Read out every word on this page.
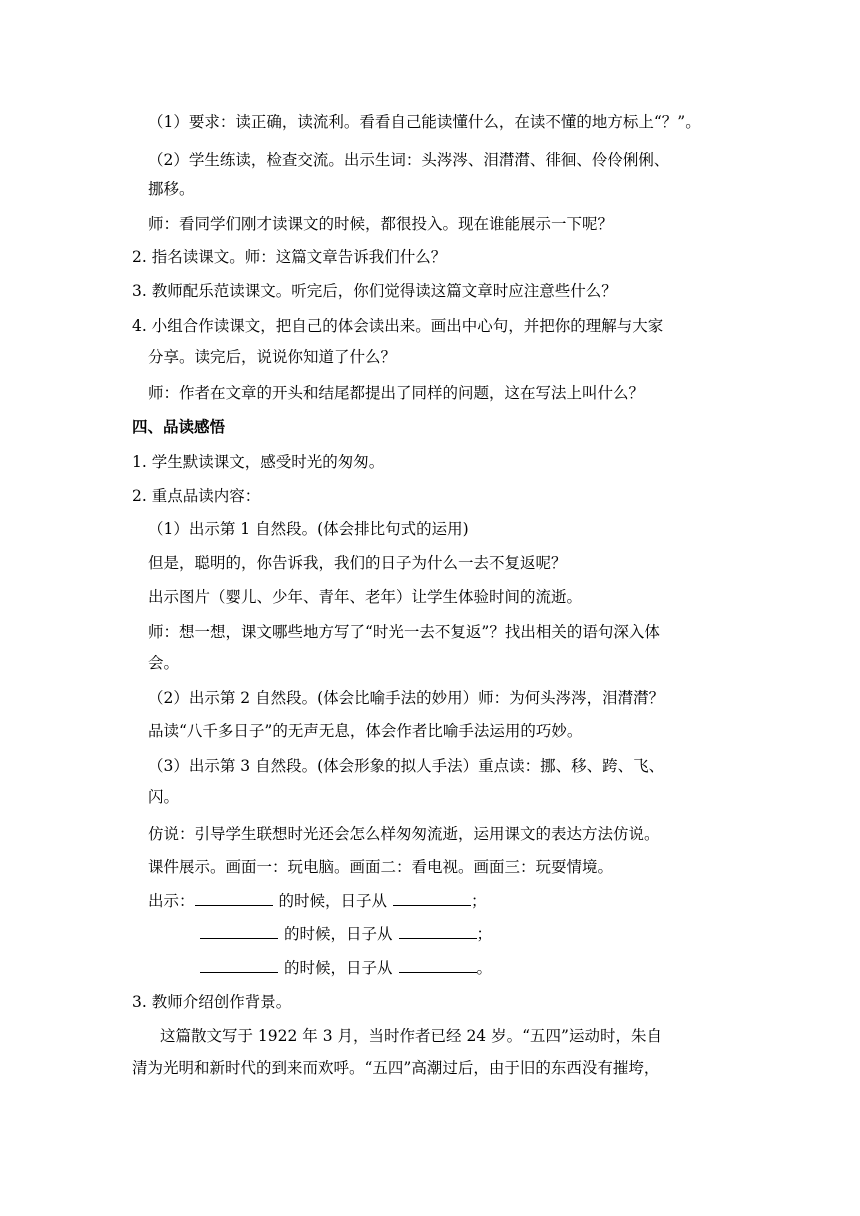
（1）要求：读正确，读流利。看看自己能读懂什么，在读不懂的地方标上“？”。
（2）学生练读，检查交流。出示生词：头涔涔、泪潸潸、徘徊、伶伶俐俐、
挪移。
师：看同学们刚才读课文的时候，都很投入。现在谁能展示一下呢？
2. 指名读课文。师：这篇文章告诉我们什么？
3. 教师配乐范读课文。听完后，你们觉得读这篇文章时应注意些什么？
4. 小组合作读课文，把自己的体会读出来。画出中心句，并把你的理解与大家
分享。读完后，说说你知道了什么？
师：作者在文章的开头和结尾都提出了同样的问题，这在写法上叫什么？
四、品读感悟
1. 学生默读课文，感受时光的匆匆。
2. 重点品读内容：
（1）出示第 1 自然段。(体会排比句式的运用)
但是，聪明的，你告诉我，我们的日子为什么一去不复返呢？
出示图片（婴儿、少年、青年、老年）让学生体验时间的流逝。
师：想一想，课文哪些地方写了“时光一去不复返”？找出相关的语句深入体
会。
（2）出示第 2 自然段。(体会比喻手法的妙用）师：为何头涔涔，泪潸潸？
品读“八千多日子”的无声无息，体会作者比喻手法运用的巧妙。
（3）出示第 3 自然段。(体会形象的拟人手法）重点读：挪、移、跨、飞、
闪。
仿说：引导学生联想时光还会怎么样匆匆流逝，运用课文的表达方法仿说。
课件展示。画面一：玩电脑。画面二：看电视。画面三：玩耍情境。
出示：	的时候，日子从	；
的时候，日子从	；
的时候，日子从	。
3. 教师介绍创作背景。
这篇散文写于 1922 年 3 月，当时作者已经 24 岁。“五四”运动时，朱自
清为光明和新时代的到来而欢呼。“五四”高潮过后，由于旧的东西没有摧垮，
